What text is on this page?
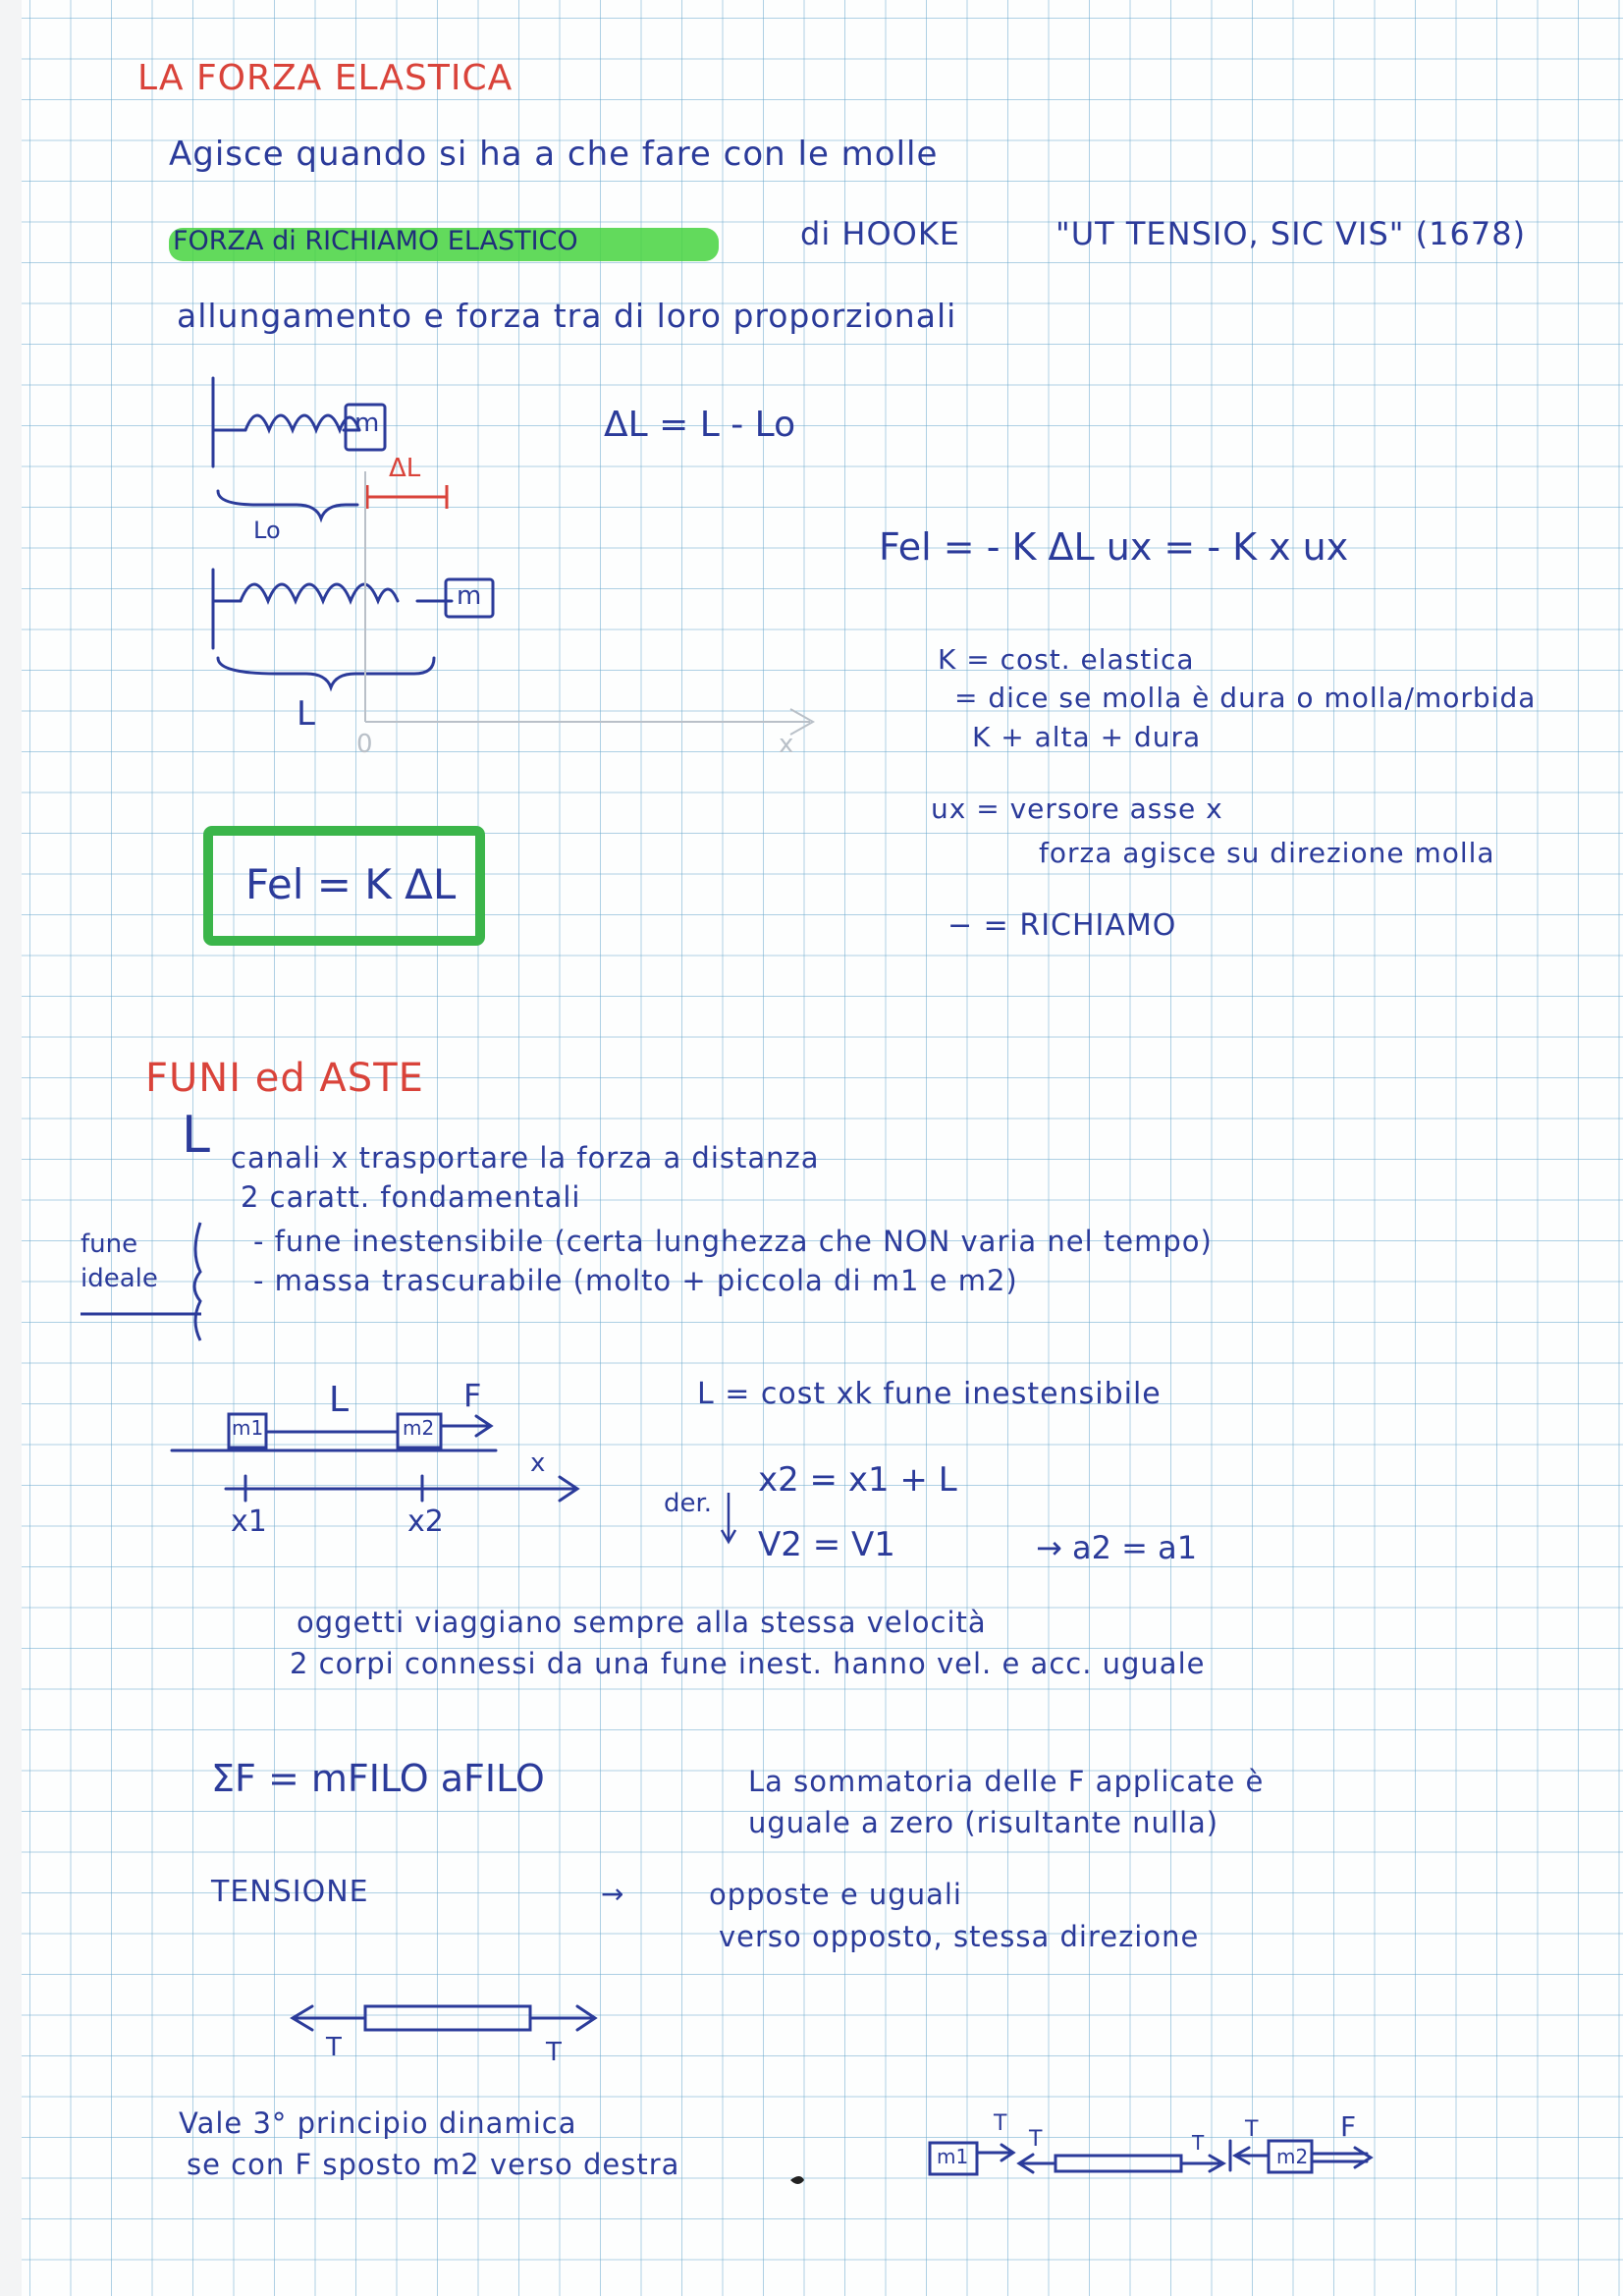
LA FORZA ELASTICA
Agisce quando si ha a che fare con le molle
FORZA di RICHIAMO ELASTICO	di HOOKE	"UT TENSIO, SIC VIS" (1678)
allungamento e forza tra di loro proporzionali
ΔL = L - Lo
m
ΔL
Lo
m
L
0	x
Fel = - K ΔL ux = - K x ux
K = cost. elastica
= dice se molla è dura o molla/morbida
K + alta + dura
ux = versore asse x
forza agisce su direzione molla
− = RICHIAMO
Fel = K ΔL
FUNI ed ASTE
L canali x trasportare la forza a distanza
2 caratt. fondamentali
fune ideale
- fune inestensibile (certa lunghezza che NON varia nel tempo)
- massa trascurabile (molto + piccola di m1 e m2)
m1	m2
L	F
x
x1	x2
L = cost xk fune inestensibile
der.
x2 = x1 + L
V2 = V1	→ a2 = a1
oggetti viaggiano sempre alla stessa velocità
2 corpi connessi da una fune inest. hanno vel. e acc. uguale
ΣF = mFILO aFILO	La sommatoria delle F applicate è
uguale a zero (risultante nulla)
TENSIONE	→	opposte e uguali
verso opposto, stessa direzione
T	T
Vale 3° principio dinamica
se con F sposto m2 verso destra	m1	m2
T
T	T
T	F
